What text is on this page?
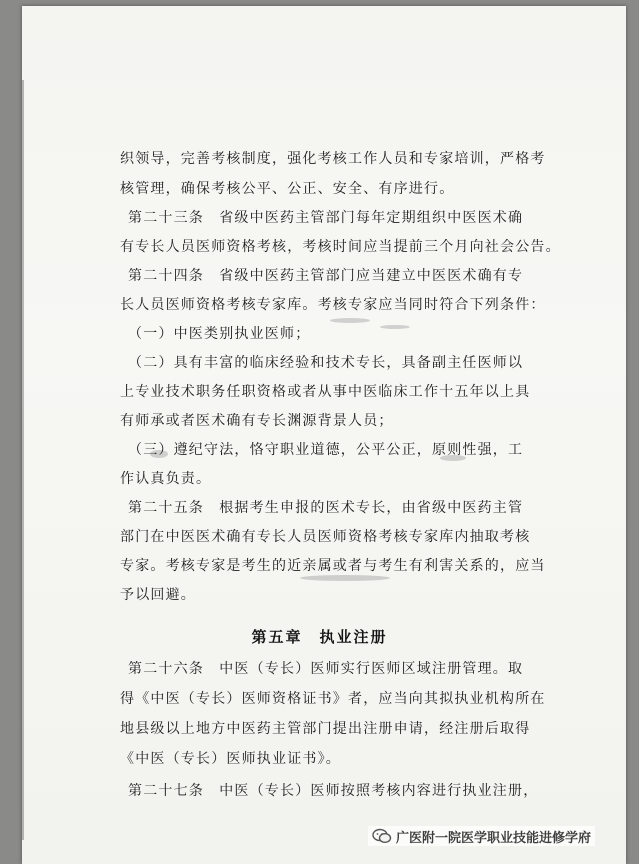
织领导，完善考核制度，强化考核工作人员和专家培训，严格考
核管理，确保考核公平、公正、安全、有序进行。
第二十三条　省级中医药主管部门每年定期组织中医医术确
有专长人员医师资格考核，考核时间应当提前三个月向社会公告。
第二十四条　省级中医药主管部门应当建立中医医术确有专
长人员医师资格考核专家库。考核专家应当同时符合下列条件：
（一）中医类别执业医师；
（二）具有丰富的临床经验和技术专长，具备副主任医师以
上专业技术职务任职资格或者从事中医临床工作十五年以上具
有师承或者医术确有专长渊源背景人员；
（三）遵纪守法，恪守职业道德，公平公正，原则性强，工
作认真负责。
第二十五条　根据考生申报的医术专长，由省级中医药主管
部门在中医医术确有专长人员医师资格考核专家库内抽取考核
专家。考核专家是考生的近亲属或者与考生有利害关系的，应当
予以回避。
第五章　执业注册
第二十六条　中医（专长）医师实行医师区域注册管理。取
得《中医（专长）医师资格证书》者，应当向其拟执业机构所在
地县级以上地方中医药主管部门提出注册申请，经注册后取得
《中医（专长）医师执业证书》。
第二十七条　中医（专长）医师按照考核内容进行执业注册，
广医附一院医学职业技能进修学府
